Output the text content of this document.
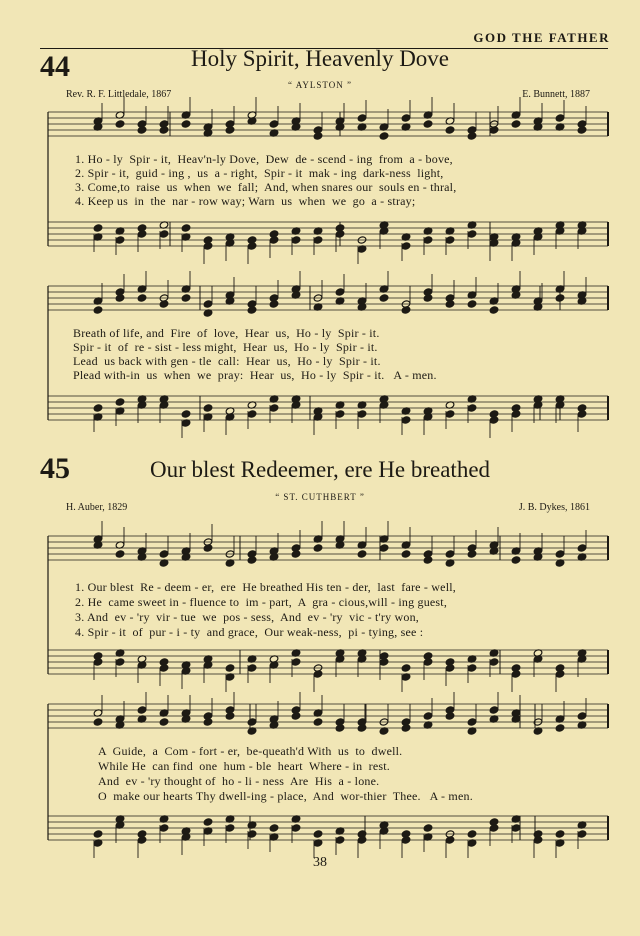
GOD THE FATHER
44	Holy Spirit, Heavenly Dove
“ AYLSTON ”
Rev. R. F. Littledale, 1867	E. Bunnett, 1887
45	Our blest Redeemer, ere He breathed
“ ST. CUTHBERT ”
H. Auber, 1829	J. B. Dykes, 1861
1. Ho - ly  Spir - it,  Heav'n-ly Dove,  Dew  de - scend - ing  from  a - bove,
2. Spir - it,  guid - ing ,  us  a - right,  Spir - it  mak - ing  dark-ness  light,
3. Come,to  raise  us  when  we  fall;  And, when snares our  souls en - thral,
4. Keep us  in  the  nar - row way; Warn  us  when  we  go  a - stray;
Breath of life, and  Fire  of  love,  Hear  us,  Ho - ly  Spir - it.
Spir - it  of  re - sist - less might,  Hear  us,  Ho - ly  Spir - it.
Lead  us back with gen - tle  call:  Hear  us,  Ho - ly  Spir - it.
Plead with-in  us  when  we  pray:  Hear  us,  Ho - ly  Spir - it.   A - men.
1. Our blest  Re - deem - er,  ere  He breathed His ten - der,  last  fare - well,
2. He  came sweet in - fluence to  im - part,  A  gra - cious,will - ing guest,
3. And  ev - 'ry  vir - tue  we  pos - sess,  And  ev - 'ry  vic - t'ry won,
4. Spir - it  of  pur - i - ty  and grace,  Our weak-ness,  pi - tying, see :
A  Guide,  a  Com - fort - er,  be-queath'd With  us  to  dwell.
While He  can find  one  hum - ble  heart  Where - in  rest.
And  ev - 'ry thought of  ho - li - ness  Are  His  a - lone.
O  make our hearts Thy dwell-ing - place,  And  wor-thier  Thee.   A - men.
38
